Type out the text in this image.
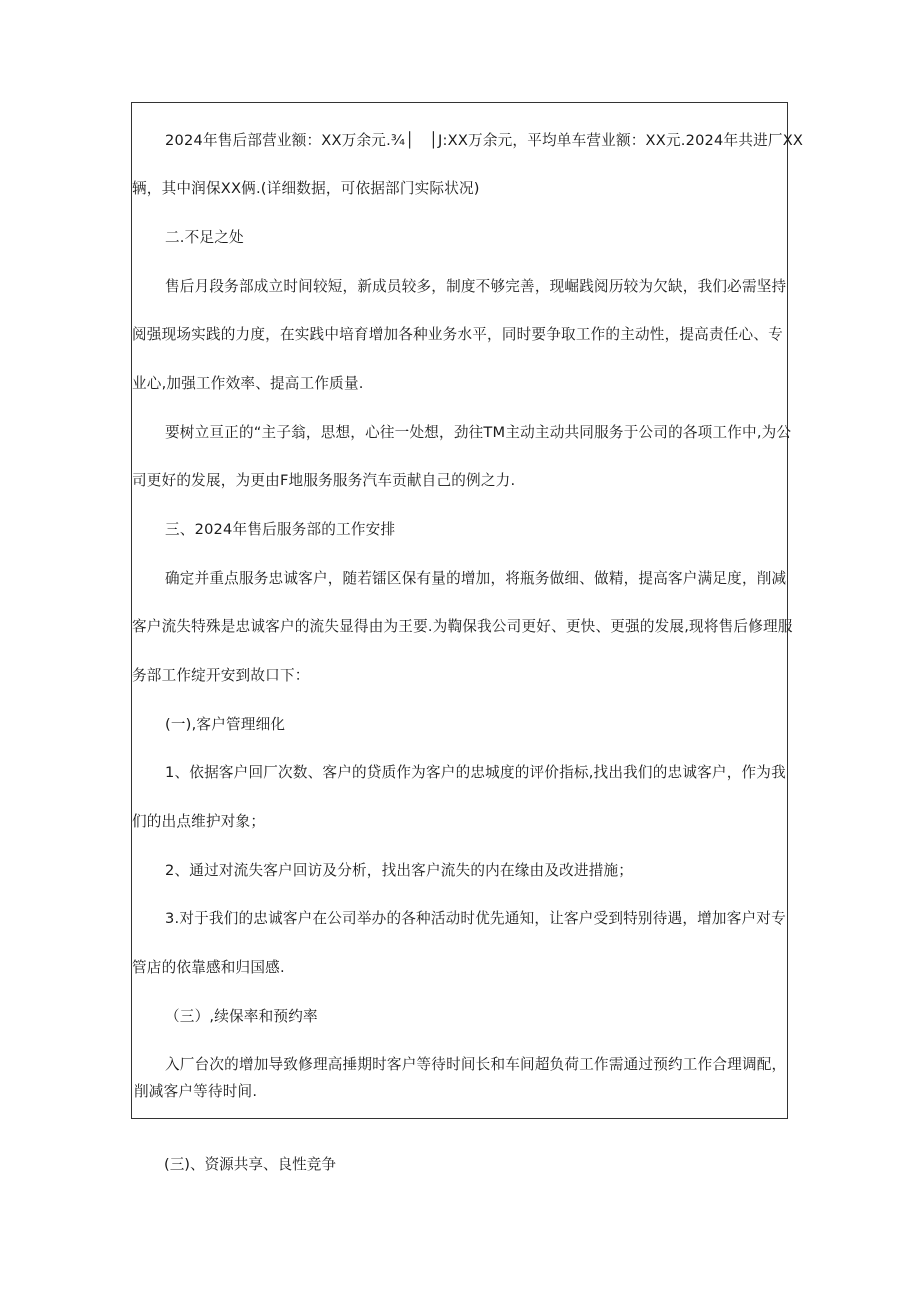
2024年售后部营业额：XX万余元.¾│　│J:XX万余元，平均单车营业额：XX元.2024年共进厂XX

辆，其中润保XX俩.(详细数据，可依据部门实际状况)

二.不足之处

售后月段务部成立时间较短，新成员较多，制度不够完善，现崛践阅历较为欠缺，我们必需坚持

阅强现场实践的力度，在实践中培育增加各种业务水平，同时要争取工作的主动性，提高责任心、专

业心,加强工作效率、提高工作质量.

要树立亘正的“主子翁，思想，心往一处想，劲往TM主动主动共同服务于公司的各项工作中,为公

司更好的发展，为更由F地服务服务汽车贡献自己的例之力.

三、2024年售后服务部的工作安排

确定并重点服务忠诚客户，随若镭区保有量的增加，将瓶务做细、做精，提高客户满足度，削减

客户流失特殊是忠诚客户的流失显得由为王要.为鞫保我公司更好、更快、更强的发展,现将售后修理服

务部工作绽开安到故口下：

(一),客户管理细化

1、依据客户回厂次数、客户的贷质作为客户的忠城度的评价指标,找出我们的忠诚客户，作为我

们的出点维护对象；

2、通过对流失客户回访及分析，找出客户流失的内在缘由及改进措施；

3.对于我们的忠诚客户在公司举办的各种活动时优先通知，让客户受到特别待遇，增加客户对专

管店的依靠感和归国感.

（三）,续保率和预约率

入厂台次的增加导致修理高捶期时客户等待时间长和车间超负荷工作需通过预约工作合理调配，

削减客户等待时间.

(三)、资源共享、良性竞争
